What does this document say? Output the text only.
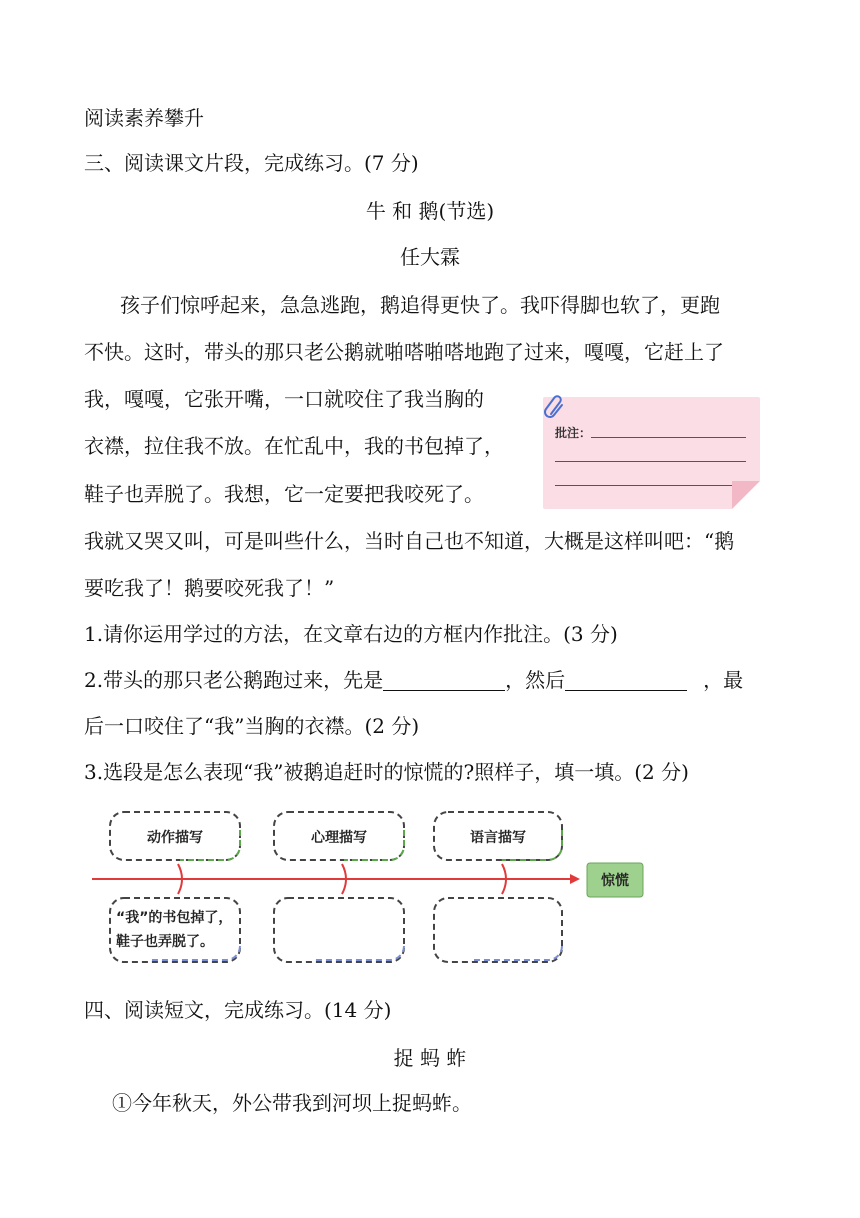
阅读素养攀升
三、阅读课文片段，完成练习。(7 分)
牛 和 鹅(节选)
任大霖
孩子们惊呼起来，急急逃跑，鹅追得更快了。我吓得脚也软了，更跑
不快。这时，带头的那只老公鹅就啪嗒啪嗒地跑了过来，嘎嘎，它赶上了
我，嘎嘎，它张开嘴，一口就咬住了我当胸的
衣襟，拉住我不放。在忙乱中，我的书包掉了，
鞋子也弄脱了。我想，它一定要把我咬死了。
我就又哭又叫，可是叫些什么，当时自己也不知道，大概是这样叫吧：“鹅
要吃我了！鹅要咬死我了！”
批注：
1.请你运用学过的方法，在文章右边的方框内作批注。(3 分)
2.带头的那只老公鹅跑过来，先是	，然后	，最
后一口咬住了“我”当胸的衣襟。(2 分)
3.选段是怎么表现“我”被鹅追赶时的惊慌的?照样子，填一填。(2 分)
动作描写	心理描写	语言描写
惊慌
“我”的书包掉了，
鞋子也弄脱了。
四、阅读短文，完成练习。(14 分)
捉 蚂 蚱
①今年秋天，外公带我到河坝上捉蚂蚱。
